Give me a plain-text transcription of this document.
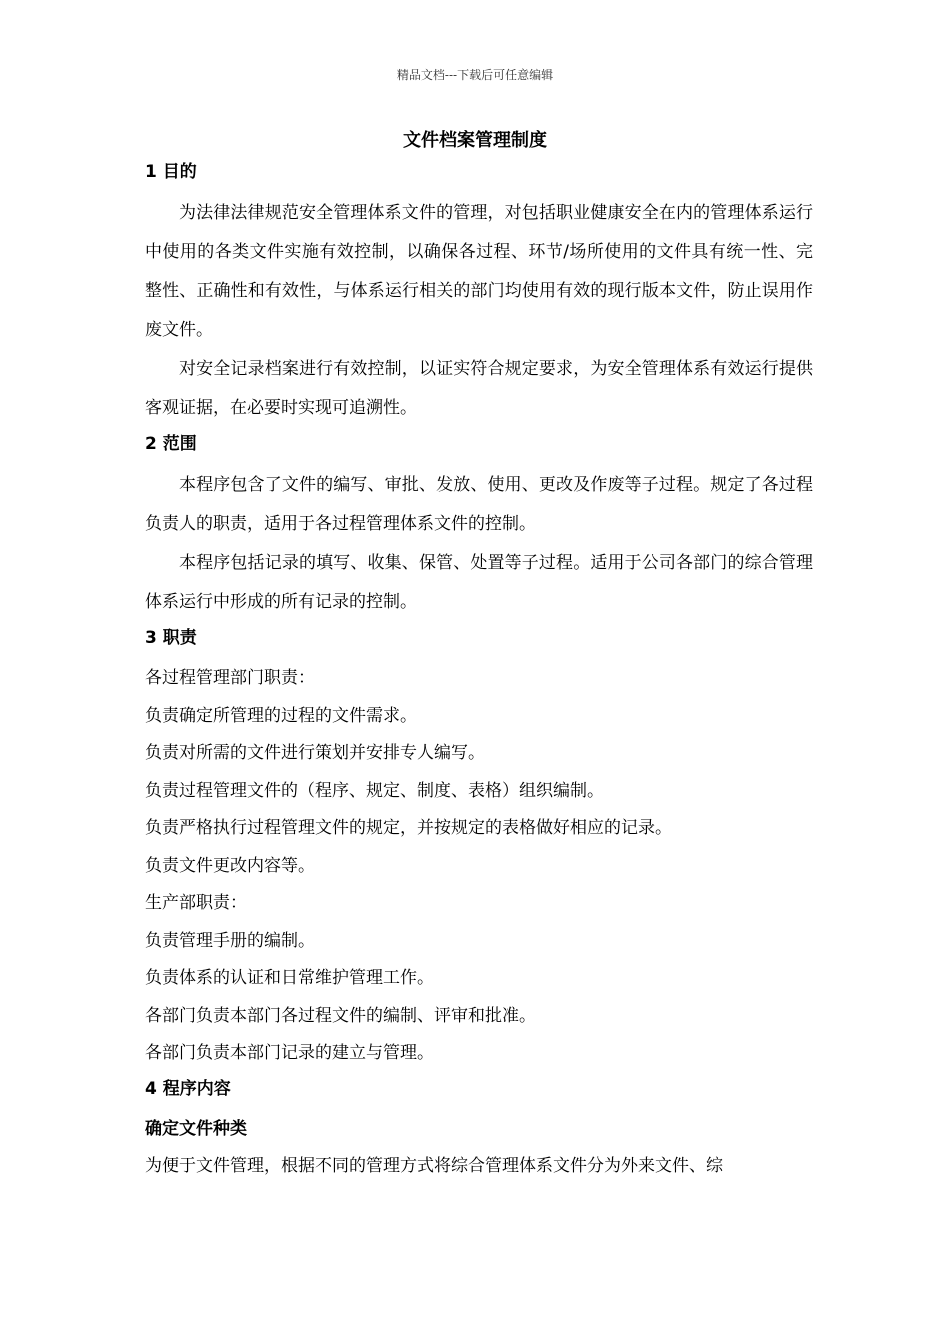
精品文档---下载后可任意编辑
文件档案管理制度
1 目的

为法律法律规范安全管理体系文件的管理，对包括职业健康安全在内的管理体系运行中使用的各类文件实施有效控制，以确保各过程、环节/场所使用的文件具有统一性、完整性、正确性和有效性，与体系运行相关的部门均使用有效的现行版本文件，防止误用作废文件。

对安全记录档案进行有效控制，以证实符合规定要求，为安全管理体系有效运行提供客观证据，在必要时实现可追溯性。

2 范围

本程序包含了文件的编写、审批、发放、使用、更改及作废等子过程。规定了各过程负责人的职责，适用于各过程管理体系文件的控制。

本程序包括记录的填写、收集、保管、处置等子过程。适用于公司各部门的综合管理体系运行中形成的所有记录的控制。

3 职责

各过程管理部门职责：

负责确定所管理的过程的文件需求。

负责对所需的文件进行策划并安排专人编写。

负责过程管理文件的（程序、规定、制度、表格）组织编制。

负责严格执行过程管理文件的规定，并按规定的表格做好相应的记录。

负责文件更改内容等。

生产部职责：

负责管理手册的编制。

负责体系的认证和日常维护管理工作。

各部门负责本部门各过程文件的编制、评审和批准。

各部门负责本部门记录的建立与管理。

4 程序内容

确定文件种类

为便于文件管理，根据不同的管理方式将综合管理体系文件分为外来文件、综
